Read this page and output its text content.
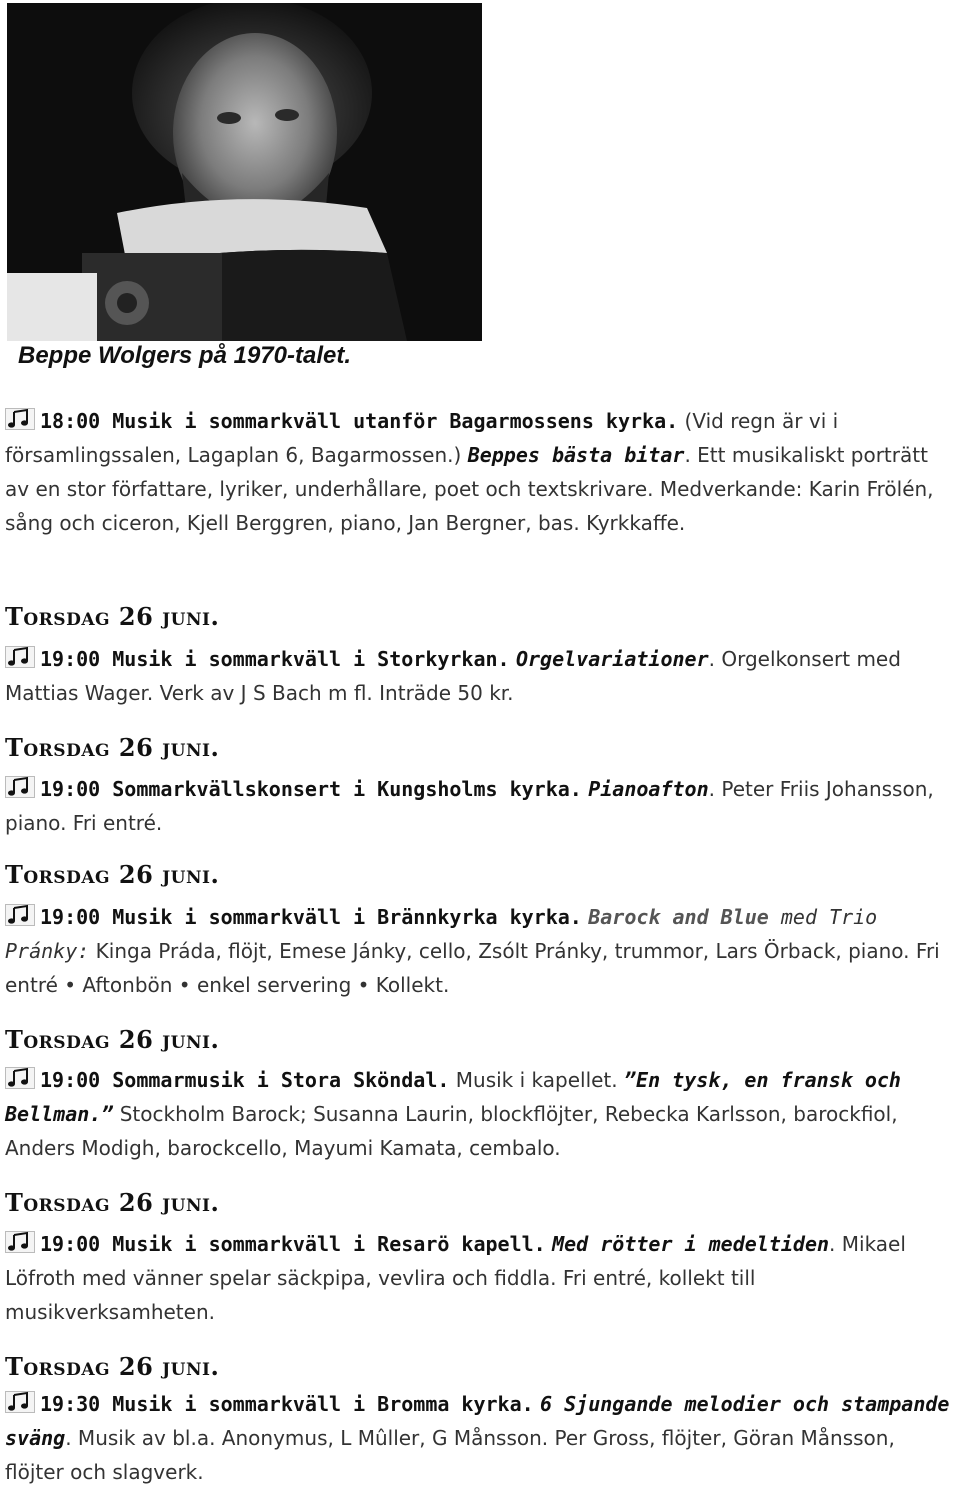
Beppe Wolgers på 1970-talet.
18:00 Musik i sommarkväll utanför Bagarmossens kyrka. (Vid regn är vi i församlingssalen, Lagaplan 6, Bagarmossen.) Beppes bästa bitar. Ett musikaliskt porträtt av en stor författare, lyriker, underhållare, poet och textskrivare. Medverkande: Karin Frölén, sång och ciceron, Kjell Berggren, piano, Jan Bergner, bas. Kyrkkaffe.
Torsdag 26 juni.
19:00 Musik i sommarkväll i Storkyrkan. Orgelvariationer. Orgelkonsert med Mattias Wager. Verk av J S Bach m fl. Inträde 50 kr.
Torsdag 26 juni.
19:00 Sommarkvällskonsert i Kungsholms kyrka. Pianoafton. Peter Friis Johansson, piano. Fri entré.
Torsdag 26 juni.
19:00 Musik i sommarkväll i Brännkyrka kyrka. Barock and Blue med Trio Pránky: Kinga Práda, flöjt, Emese Jánky, cello, Zsólt Pránky, trummor, Lars Örback, piano. Fri entré • Aftonbön • enkel servering • Kollekt.
Torsdag 26 juni.
19:00 Sommarmusik i Stora Sköndal. Musik i kapellet. ”En tysk, en fransk och Bellman.” Stockholm Barock; Susanna Laurin, blockflöjter, Rebecka Karlsson, barockfiol, Anders Modigh, barockcello, Mayumi Kamata, cembalo.
Torsdag 26 juni.
19:00 Musik i sommarkväll i Resarö kapell. Med rötter i medeltiden. Mikael Löfroth med vänner spelar säckpipa, vevlira och fiddla. Fri entré, kollekt till musikverksamheten.
Torsdag 26 juni.
19:30 Musik i sommarkväll i Bromma kyrka. 6 Sjungande melodier och stampande sväng. Musik av bl.a. Anonymus, L Mûller, G Månsson. Per Gross, flöjter, Göran Månsson, flöjter och slagverk.
